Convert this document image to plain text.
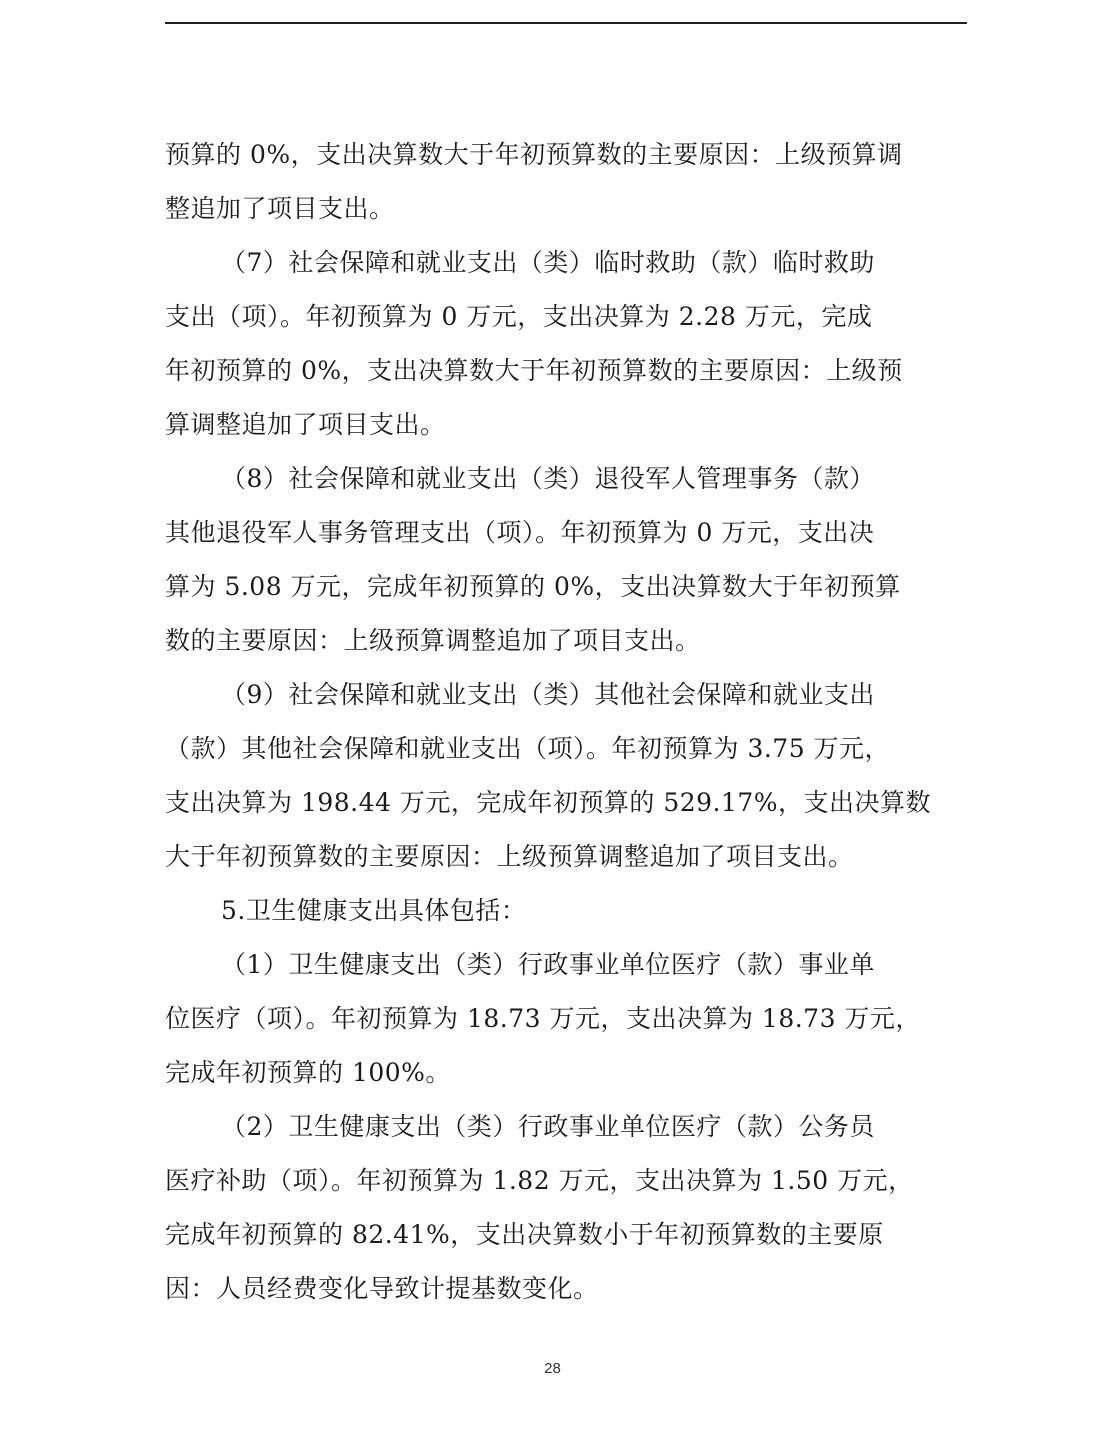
预算的 0%，支出决算数大于年初预算数的主要原因：上级预算调
整追加了项目支出。
（7）社会保障和就业支出（类）临时救助（款）临时救助
支出（项）。年初预算为 0 万元，支出决算为 2.28 万元，完成
年初预算的 0%，支出决算数大于年初预算数的主要原因：上级预
算调整追加了项目支出。
（8）社会保障和就业支出（类）退役军人管理事务（款）
其他退役军人事务管理支出（项）。年初预算为 0 万元，支出决
算为 5.08 万元，完成年初预算的 0%，支出决算数大于年初预算
数的主要原因：上级预算调整追加了项目支出。
（9）社会保障和就业支出（类）其他社会保障和就业支出
（款）其他社会保障和就业支出（项）。年初预算为 3.75 万元，
支出决算为 198.44 万元，完成年初预算的 529.17%，支出决算数
大于年初预算数的主要原因：上级预算调整追加了项目支出。
5.卫生健康支出具体包括：
（1）卫生健康支出（类）行政事业单位医疗（款）事业单
位医疗（项）。年初预算为 18.73 万元，支出决算为 18.73 万元，
完成年初预算的 100%。
（2）卫生健康支出（类）行政事业单位医疗（款）公务员
医疗补助（项）。年初预算为 1.82 万元，支出决算为 1.50 万元，
完成年初预算的 82.41%，支出决算数小于年初预算数的主要原
因：人员经费变化导致计提基数变化。
28
